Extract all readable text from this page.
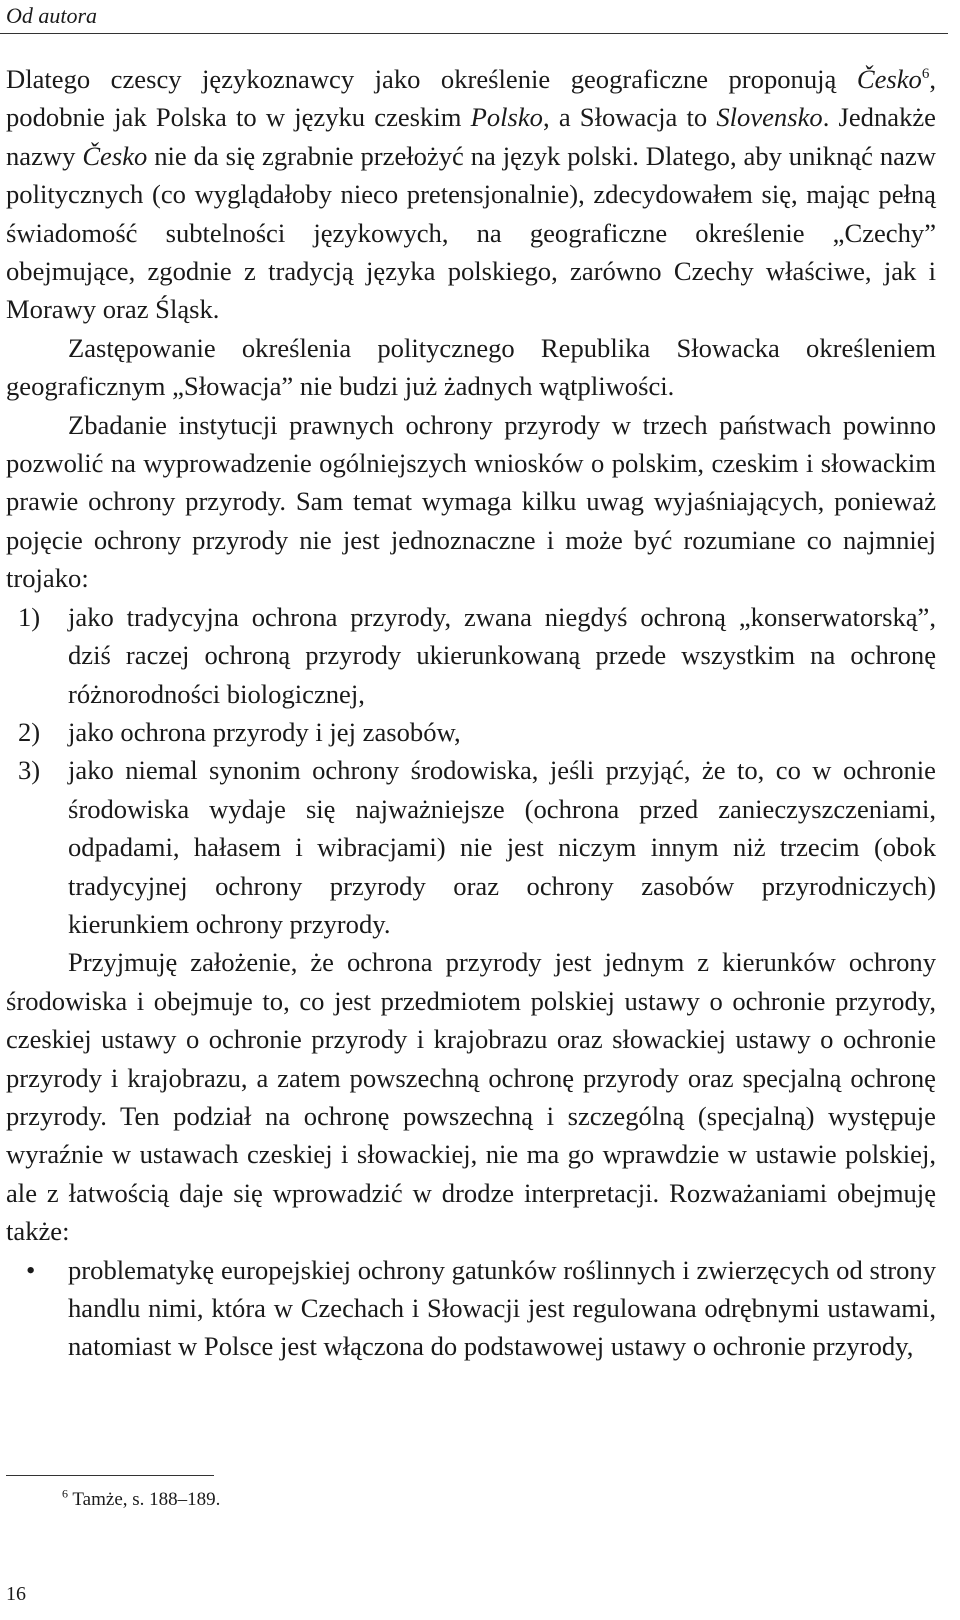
Od autora

Dlatego czescy językoznawcy jako określenie geograficzne proponują Česko$^6$, podobnie jak Polska to w języku czeskim Polsko, a Słowacja to Slovensko. Jednakże nazwy Česko nie da się zgrabnie przełożyć na język polski. Dlatego, aby uniknąć nazw politycznych (co wyglądałoby nieco pretensjonalnie), zdecydowałem się, mając pełną świadomość subtelności językowych, na geograficzne określenie „Czechy” obejmujące, zgodnie z tradycją języka polskiego, zarówno Czechy właściwe, jak i Morawy oraz Śląsk.

Zastępowanie określenia politycznego Republika Słowacka określeniem geograficznym „Słowacja” nie budzi już żadnych wątpliwości.

Zbadanie instytucji prawnych ochrony przyrody w trzech państwach powinno pozwolić na wyprowadzenie ogólniejszych wniosków o polskim, czeskim i słowackim prawie ochrony przyrody. Sam temat wymaga kilku uwag wyjaśniających, ponieważ pojęcie ochrony przyrody nie jest jednoznaczne i może być rozumiane co najmniej trojako:

1)	jako tradycyjna ochrona przyrody, zwana niegdyś ochroną „konserwatorską”, dziś raczej ochroną przyrody ukierunkowaną przede wszystkim na ochronę różnorodności biologicznej,
2)	jako ochrona przyrody i jej zasobów,
3)	jako niemal synonim ochrony środowiska, jeśli przyjąć, że to, co w ochronie środowiska wydaje się najważniejsze (ochrona przed zanieczyszczeniami, odpadami, hałasem i wibracjami) nie jest niczym innym niż trzecim (obok tradycyjnej ochrony przyrody oraz ochrony zasobów przyrodniczych) kierunkiem ochrony przyrody.

Przyjmuję założenie, że ochrona przyrody jest jednym z kierunków ochrony środowiska i obejmuje to, co jest przedmiotem polskiej ustawy o ochronie przyrody, czeskiej ustawy o ochronie przyrody i krajobrazu oraz słowackiej ustawy o ochronie przyrody i krajobrazu, a zatem powszechną ochronę przyrody oraz specjalną ochronę przyrody. Ten podział na ochronę powszechną i szczególną (specjalną) występuje wyraźnie w ustawach czeskiej i słowackiej, nie ma go wprawdzie w ustawie polskiej, ale z łatwością daje się wprowadzić w drodze interpretacji. Rozważaniami obejmuję także:

•	problematykę europejskiej ochrony gatunków roślinnych i zwierzęcych od strony handlu nimi, która w Czechach i Słowacji jest regulowana odrębnymi ustawami, natomiast w Polsce jest włączona do podstawowej ustawy o ochronie przyrody,
$^6$ Tamże, s. 188–189.
16
